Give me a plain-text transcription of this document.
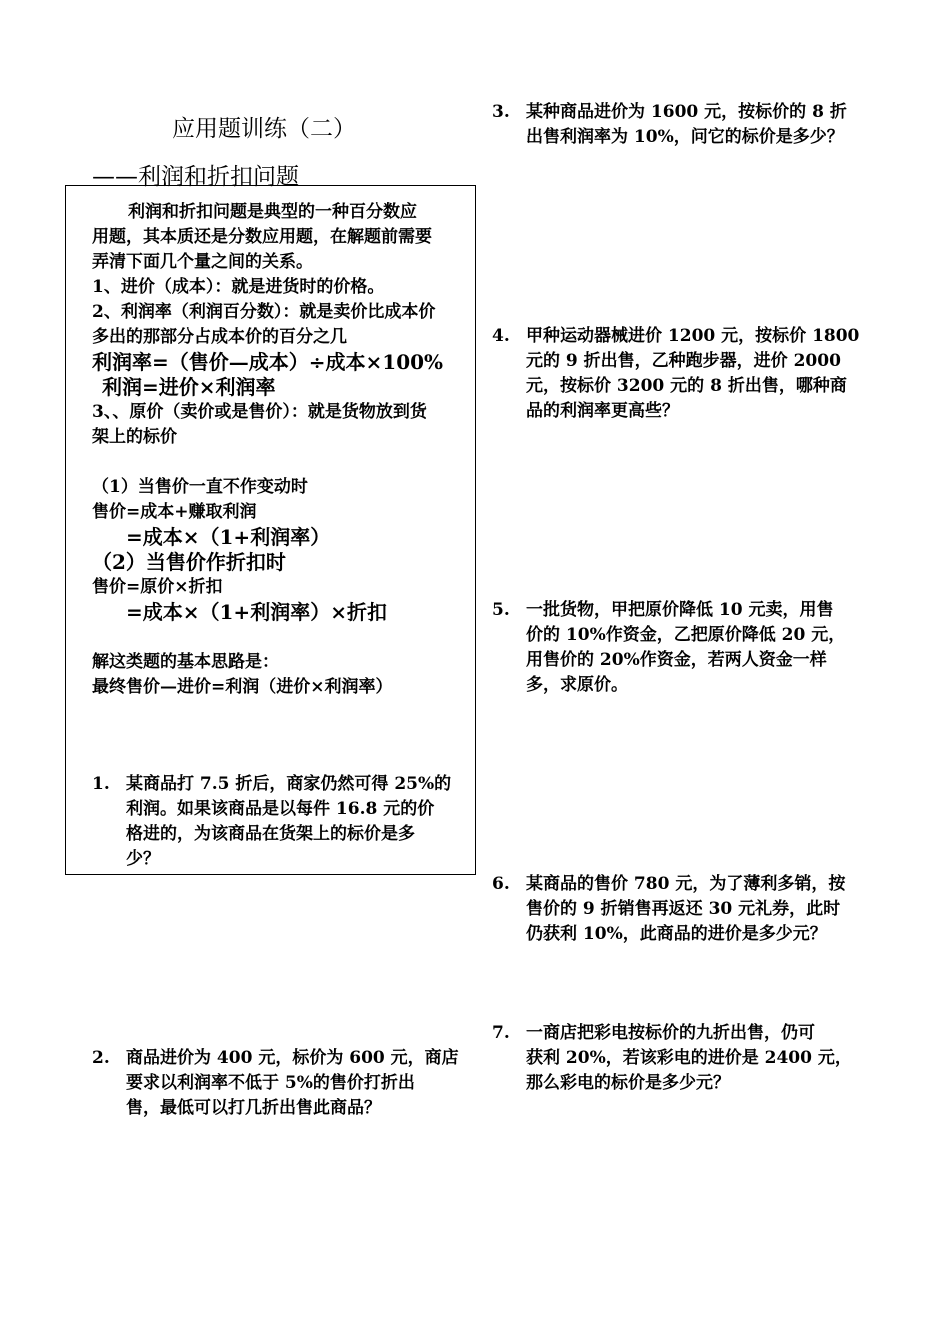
应用题训练（二）
——利润和折扣问题
利润和折扣问题是典型的一种百分数应
用题，其本质还是分数应用题，在解题前需要
弄清下面几个量之间的关系。
1、进价（成本）：就是进货时的价格。
2、利润率（利润百分数）：就是卖价比成本价
多出的那部分占成本价的百分之几
利润率=（售价—成本）÷成本×100%
利润=进价×利润率
3、、原价（卖价或是售价）：就是货物放到货
架上的标价
（1）当售价一直不作变动时
售价=成本+赚取利润
=成本×（1+利润率）
（2）当售价作折扣时
售价=原价×折扣
=成本×（1+利润率）×折扣
解这类题的基本思路是：
最终售价—进价=利润（进价×利润率）
1. 某商品打 7.5 折后，商家仍然可得 25%的
利润。如果该商品是以每件 16.8 元的价
格进的，为该商品在货架上的标价是多
少？
2. 商品进价为 400 元，标价为 600 元，商店
要求以利润率不低于 5%的售价打折出
售，最低可以打几折出售此商品？
3. 某种商品进价为 1600 元，按标价的 8 折
出售利润率为 10%，问它的标价是多少？
4. 甲种运动器械进价 1200 元，按标价 1800
元的 9 折出售，乙种跑步器，进价 2000
元，按标价 3200 元的 8 折出售，哪种商
品的利润率更高些？
5. 一批货物，甲把原价降低 10 元卖，用售
价的 10%作资金，乙把原价降低 20 元，
用售价的 20%作资金，若两人资金一样
多，求原价。
6. 某商品的售价 780 元，为了薄利多销，按
售价的 9 折销售再返还 30 元礼券，此时
仍获利 10%，此商品的进价是多少元？
7. 一商店把彩电按标价的九折出售，仍可
获利 20%，若该彩电的进价是 2400 元，
那么彩电的标价是多少元？
